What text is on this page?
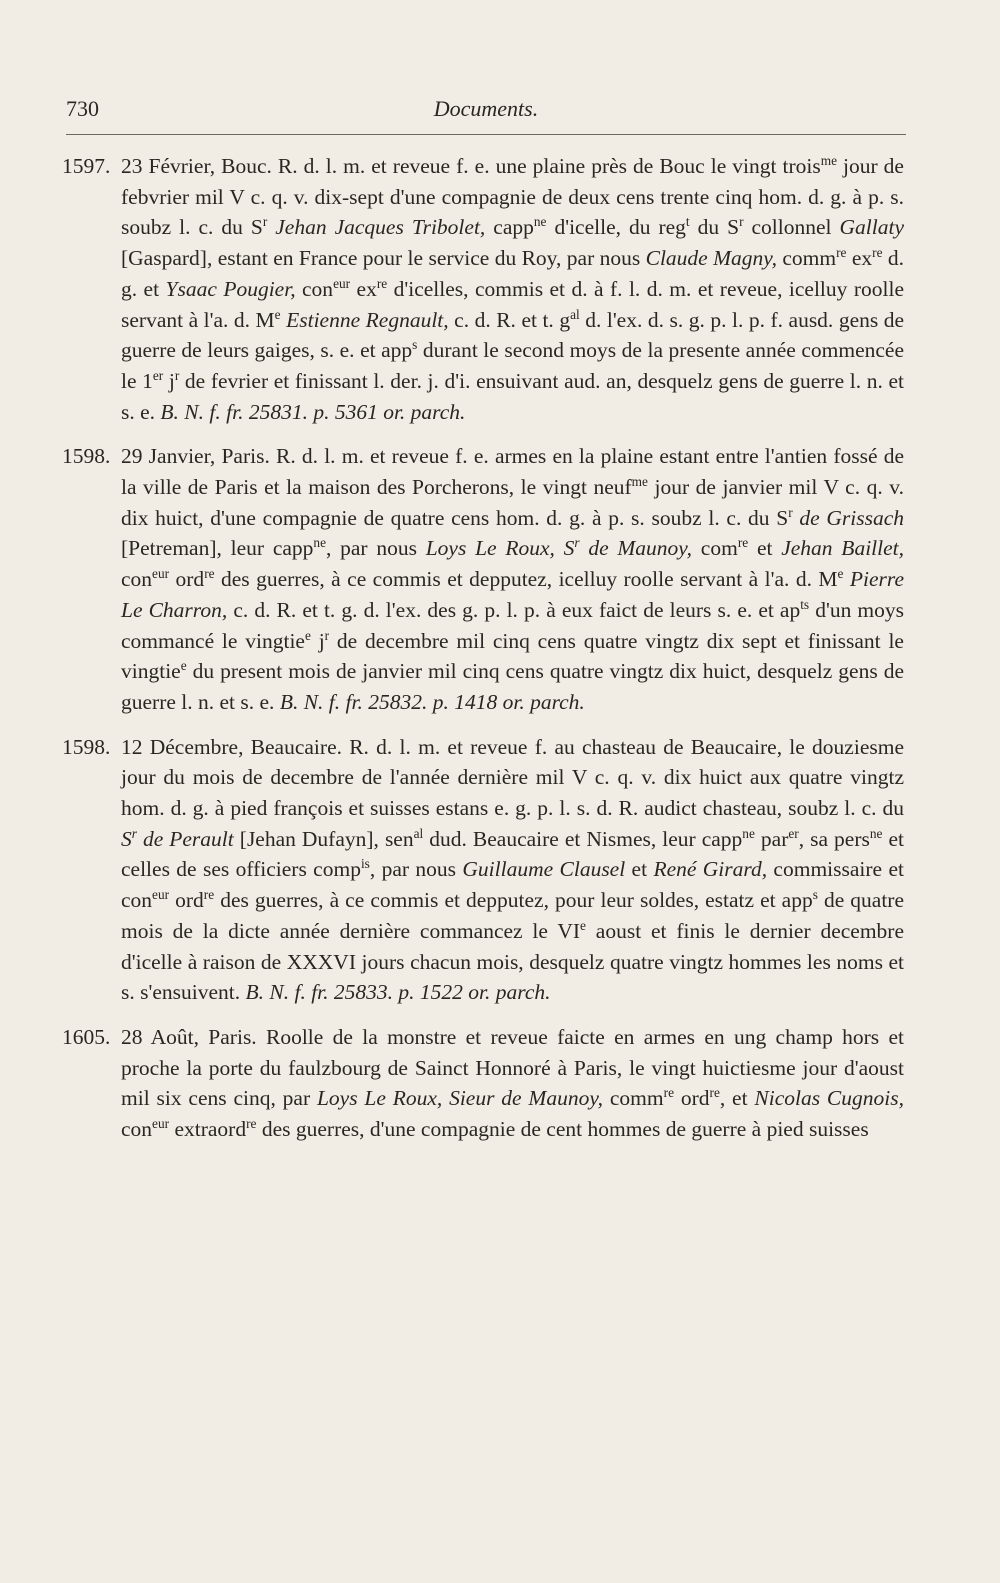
730	Documents.
1597. 23 Février, Bouc. R. d. l. m. et reveue f. e. une plaine près de Bouc le vingt trois$^{me}$ jour de febvrier mil V c. q. v. dix-sept d'une compagnie de deux cens trente cinq hom. d. g. à p. s. soubz l. c. du $S^r$ Jehan Jacques Tribolet, capp$^{ne}$ d'icelle, du reg$^t$ du $S^r$ collonnel Gallaty [Gaspard], estant en France pour le service du Roy, par nous Claude Magny, comm$^{re}$ $ex^{re}$ d. g. et Ysaac Pougier, con$^{eur}$ $ex^{re}$ d'icelles, commis et d. à f. l. d. m. et reveue, icelluy roolle servant à l'a. d. Me Estienne Regnault, c. d. R. et t. $g^{al}$ d. l'ex. d. s. g. p. l. p. f. ausd. gens de guerre de leurs gaiges, s. e. et app$^s$ durant le second moys de la presente année commencée le 1er $j^r$ de fevrier et finissant l. der. j. d'i. ensuivant aud. an, desquelz gens de guerre l. n. et s. e. B. N. f. fr. 25831. p. 5361 or. parch.
1598. 29 Janvier, Paris. R. d. l. m. et reveue f. e. armes en la plaine estant entre l'antien fossé de la ville de Paris et la maison des Porcherons, le vingt neuf$^{me}$ jour de janvier mil V c. q. v. dix huict, d'une compagnie de quatre cens hom. d. g. à p. s. soubz l. c. du $S^r$ de Grissach [Petreman], leur capp$^{ne}$, par nous Loys Le Roux, $S^r$ de Maunoy, com$^{re}$ et Jehan Baillet, con$^{eur}$ ord$^{re}$ des guerres, à ce commis et depputez, icelluy roolle servant à l'a. d. Me Pierre Le Charron, c. d. R. et t. g. d. l'ex. des g. p. l. p. à eux faict de leurs s. e. et $ap^{ts}$ d'un moys commancé le vingtie$^e$ $j^r$ de decembre mil cinq cens quatre vingtz dix sept et finissant le vingtie$^e$ du present mois de janvier mil cinq cens quatre vingtz dix huict, desquelz gens de guerre l. n. et s. e. B. N. f. fr. 25832. p. 1418 or. parch.
1598. 12 Décembre, Beaucaire. R. d. l. m. et reveue f. au chasteau de Beaucaire, le douziesme jour du mois de decembre de l'année dernière mil V c. q. v. dix huict aux quatre vingtz hom. d. g. à pied françois et suisses estans e. g. p. l. s. d. R. audict chasteau, soubz l. c. du $S^r$ de Perault [Jehan Dufayn], sen$^{al}$ dud. Beaucaire et Nismes, leur capp$^{ne}$ par$^{er}$, sa pers$^{ne}$ et celles de ses officiers comp$^{is}$, par nous Guillaume Clausel et René Girard, commissaire et con$^{eur}$ ord$^{re}$ des guerres, à ce commis et depputez, pour leur soldes, estatz et app$^s$ de quatre mois de la dicte année dernière commancez le VIe aoust et finis le dernier decembre d'icelle à raison de XXXVI jours chacun mois, desquelz quatre vingtz hommes les noms et s. s'ensuivent. B. N. f. fr. 25833. p. 1522 or. parch.
1605. 28 Août, Paris. Roolle de la monstre et reveue faicte en armes en ung champ hors et proche la porte du faulzbourg de Sainct Honnoré à Paris, le vingt huictiesme jour d'aoust mil six cens cinq, par Loys Le Roux, Sieur de Maunoy, comm$^{re}$ ord$^{re}$, et Nicolas Cugnois, con$^{eur}$ extraord$^{re}$ des guerres, d'une compagnie de cent hommes de guerre à pied suisses
